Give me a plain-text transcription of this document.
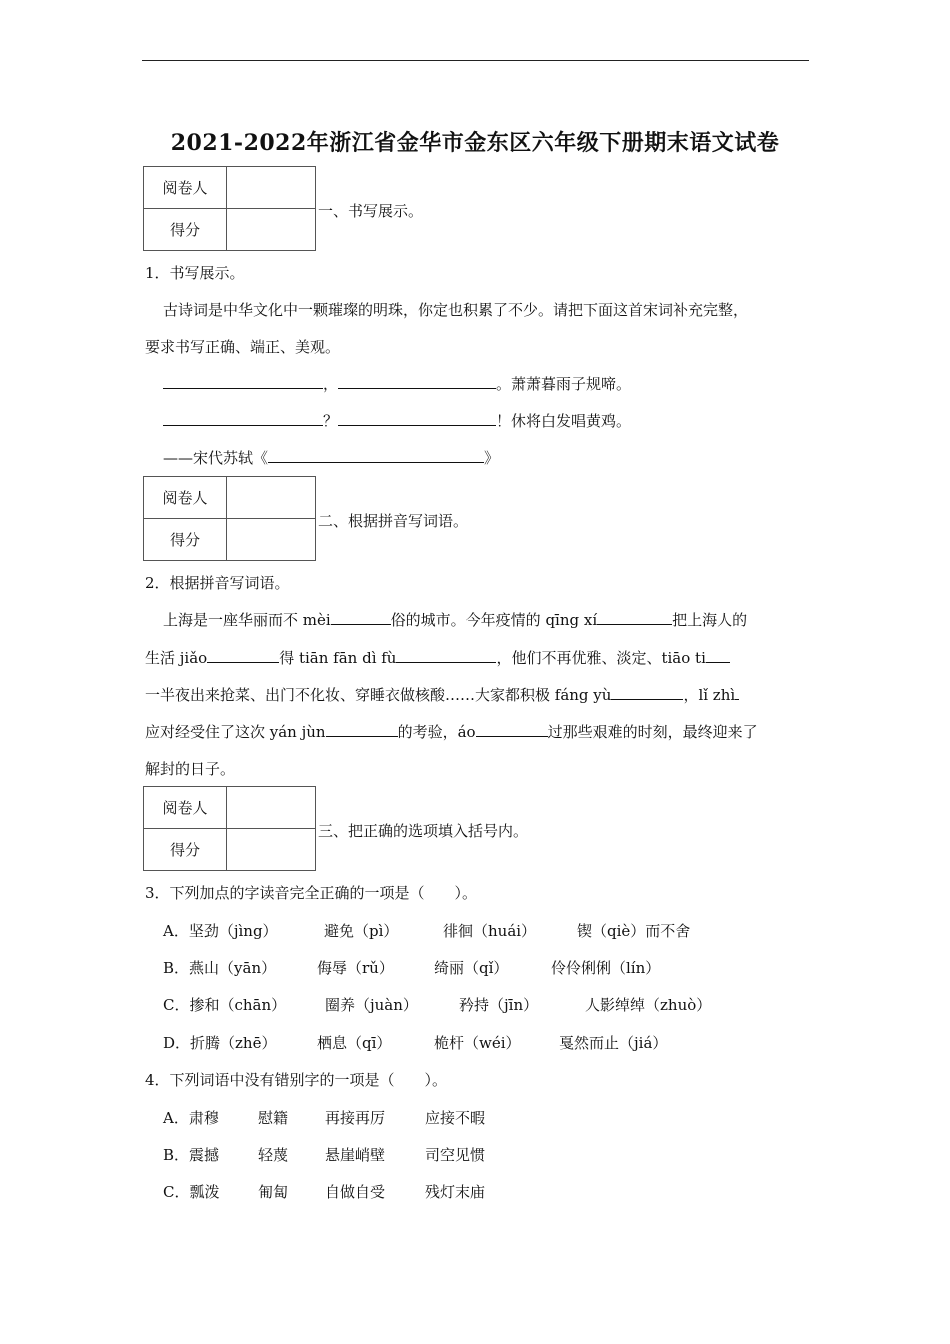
2021-2022年浙江省金华市金东区六年级下册期末语文试卷
阅卷人	
得分	
一、书写展示。
1．书写展示。
古诗词是中华文化中一颗璀璨的明珠，你定也积累了不少。请把下面这首宋词补充完整，
要求书写正确、端正、美观。
，	。萧萧暮雨子规啼。
？	！休将白发唱黄鸡。
——宋代苏轼《	》
阅卷人	
得分	
二、根据拼音写词语。
2．根据拼音写词语。
上海是一座华丽而不 mèi	俗的城市。今年疫情的 qīng xí	把上海人的
生活 jiǎo	得 tiān fān dì fù	，他们不再优雅、淡定、tiāo ti
一半夜出来抢菜、出门不化妆、穿睡衣做核酸……大家都积极 fáng yù	，lǐ zhì
应对经受住了这次 yán jùn	的考验，áo	过那些艰难的时刻，最终迎来了
解封的日子。
阅卷人	
得分	
三、把正确的选项填入括号内。
3．下列加点的字读音完全正确的一项是（　　）。
A．坚劲（jìng）	避免（pì）	徘徊（huái）	锲（qiè）而不舍
B．燕山（yān）	侮辱（rǔ）	绮丽（qǐ）	伶伶俐俐（lín）
C．掺和（chān）	圈养（juàn）	矜持（jīn）	人影绰绰（zhuò）
D．折腾（zhē）	栖息（qī）	桅杆（wéi）	戛然而止（jiá）
4．下列词语中没有错别字的一项是（　　）。
A．肃穆	慰籍 再接再厉	应接不暇
B．震撼	轻蔑 悬崖峭壁	司空见惯
C．瓢泼	匍匐 自做自受	残灯末庙
